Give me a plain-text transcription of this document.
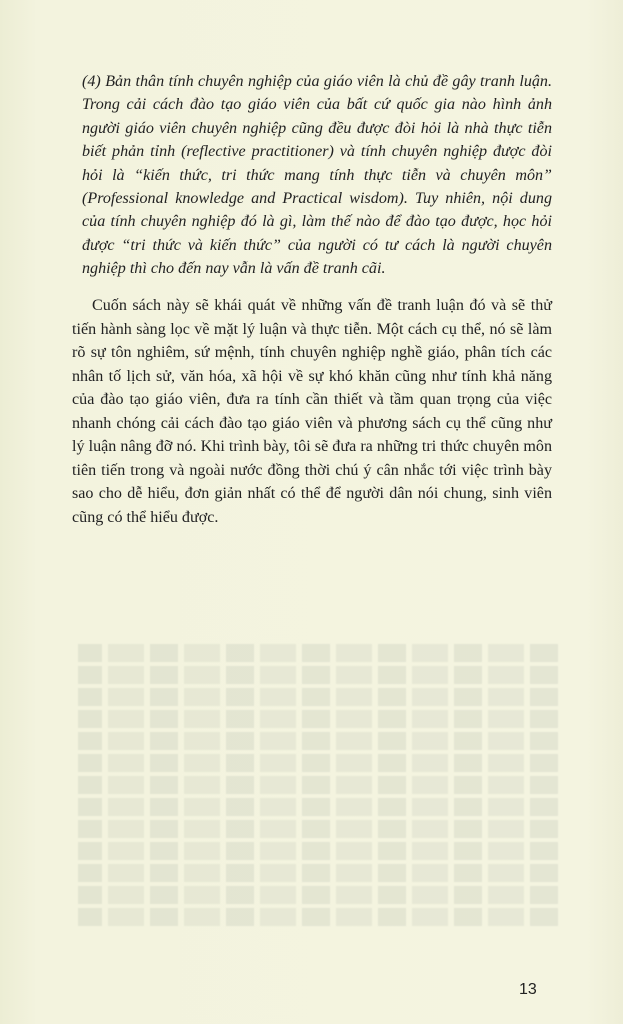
(4) Bản thân tính chuyên nghiệp của giáo viên là chủ đề gây tranh luận. Trong cải cách đào tạo giáo viên của bất cứ quốc gia nào hình ảnh người giáo viên chuyên nghiệp cũng đều được đòi hỏi là nhà thực tiễn biết phản tỉnh (reflective practitioner) và tính chuyên nghiệp được đòi hỏi là “kiến thức, tri thức mang tính thực tiễn và chuyên môn” (Professional knowledge and Practical wisdom). Tuy nhiên, nội dung của tính chuyên nghiệp đó là gì, làm thế nào để đào tạo được, học hỏi được “tri thức và kiến thức” của người có tư cách là người chuyên nghiệp thì cho đến nay vẫn là vấn đề tranh cãi.

Cuốn sách này sẽ khái quát về những vấn đề tranh luận đó và sẽ thử tiến hành sàng lọc về mặt lý luận và thực tiễn. Một cách cụ thể, nó sẽ làm rõ sự tôn nghiêm, sứ mệnh, tính chuyên nghiệp nghề giáo, phân tích các nhân tố lịch sử, văn hóa, xã hội về sự khó khăn cũng như tính khả năng của đào tạo giáo viên, đưa ra tính cần thiết và tầm quan trọng của việc nhanh chóng cải cách đào tạo giáo viên và phương sách cụ thể cũng như lý luận nâng đỡ nó. Khi trình bày, tôi sẽ đưa ra những tri thức chuyên môn tiên tiến trong và ngoài nước đồng thời chú ý cân nhắc tới việc trình bày sao cho dễ hiểu, đơn giản nhất có thể để người dân nói chung, sinh viên cũng có thể hiểu được.

13
